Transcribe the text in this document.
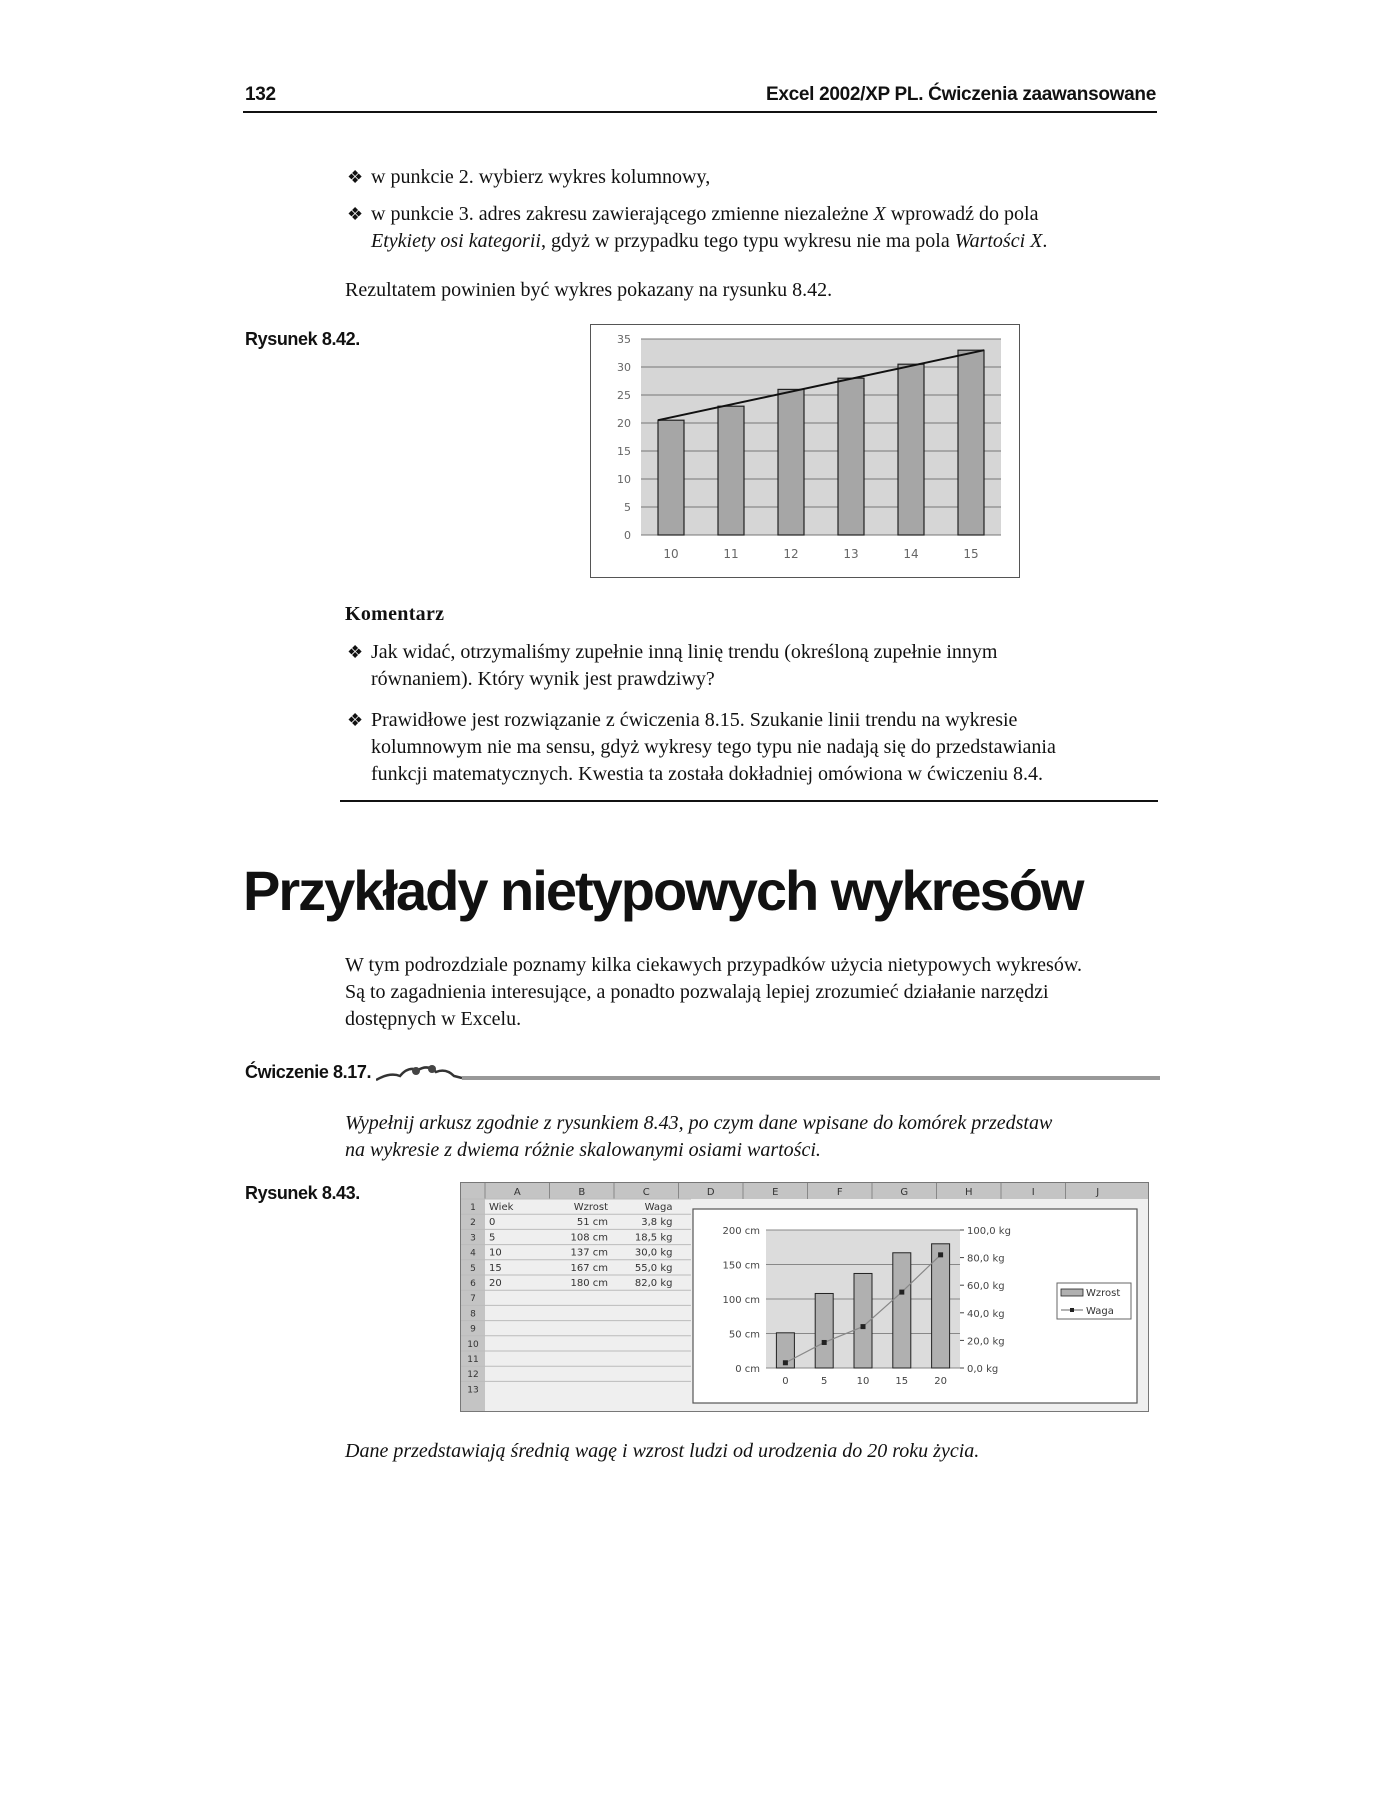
132	Excel 2002/XP PL. Ćwiczenia zaawansowane
❖ w punkcie 2. wybierz wykres kolumnowy,
❖ w punkcie 3. adres zakresu zawierającego zmienne niezależne X wprowadź do pola
Etykiety osi kategorii, gdyż w przypadku tego typu wykresu nie ma pola Wartości X.
Rezultatem powinien być wykres pokazany na rysunku 8.42.
Rysunek 8.42.
0
5
10
15
20
25
30
35
10	11	12	13	14	15
Komentarz
❖ Jak widać, otrzymaliśmy zupełnie inną linię trendu (określoną zupełnie innym
równaniem). Który wynik jest prawdziwy?
❖ Prawidłowe jest rozwiązanie z ćwiczenia 8.15. Szukanie linii trendu na wykresie
kolumnowym nie ma sensu, gdyż wykresy tego typu nie nadają się do przedstawiania
funkcji matematycznych. Kwestia ta została dokładniej omówiona w ćwiczeniu 8.4.
Przykłady nietypowych wykresów
W tym podrozdziale poznamy kilka ciekawych przypadków użycia nietypowych wykresów.
Są to zagadnienia interesujące, a ponadto pozwalają lepiej zrozumieć działanie narzędzi
dostępnych w Excelu.
Ćwiczenie 8.17.
Wypełnij arkusz zgodnie z rysunkiem 8.43, po czym dane wpisane do komórek przedstaw
na wykresie z dwiema różnie skalowanymi osiami wartości.
Rysunek 8.43.	A	B	C	D	E	F	G	H	I	J
1
2
3
4
5
6
7
8
9
10
11
12
13
Wiek	Wzrost	Waga
0	51 cm	3,8 kg
5	108 cm	18,5 kg
10	137 cm	30,0 kg
15	167 cm	55,0 kg
20	180 cm	82,0 kg
0 cm
50 cm
100 cm
150 cm
200 cm
0,0 kg
20,0 kg
40,0 kg
60,0 kg
80,0 kg
100,0 kg
0	5	10	15	20
Wzrost
Waga
Dane przedstawiają średnią wagę i wzrost ludzi od urodzenia do 20 roku życia.
